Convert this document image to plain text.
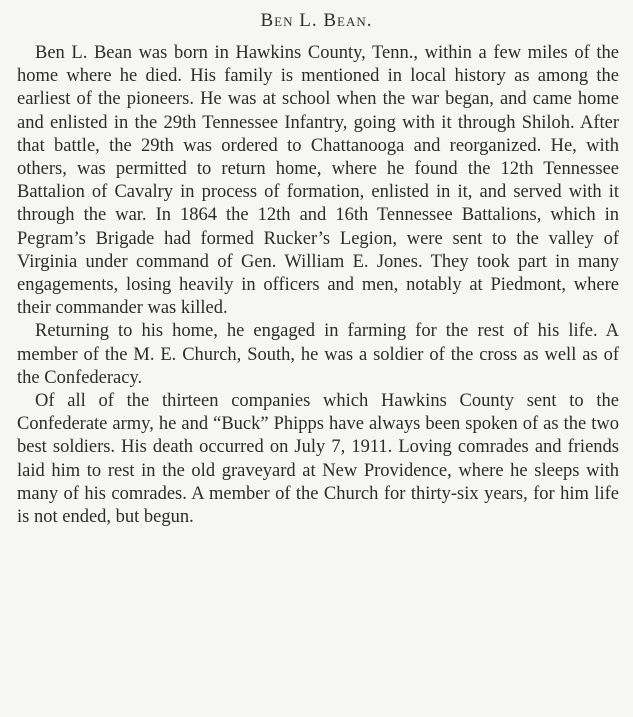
Ben L. Bean.

Ben L. Bean was born in Hawkins County, Tenn., within a few miles of the home where he died. His family is mentioned in local history as among the earliest of the pioneers. He was at school when the war began, and came home and enlisted in the 29th Tennessee Infantry, going with it through Shiloh. After that battle, the 29th was ordered to Chattanooga and reorganized. He, with others, was permitted to return home, where he found the 12th Tennessee Battalion of Cavalry in process of formation, enlisted in it, and served with it through the war. In 1864 the 12th and 16th Tennessee Battalions, which in Pegram’s Brigade had formed Rucker’s Legion, were sent to the valley of Virginia under command of Gen. William E. Jones. They took part in many engagements, losing heavily in officers and men, notably at Piedmont, where their commander was killed.

Returning to his home, he engaged in farming for the rest of his life. A member of the M. E. Church, South, he was a soldier of the cross as well as of the Confederacy.

Of all of the thirteen companies which Hawkins County sent to the Confederate army, he and “Buck” Phipps have always been spoken of as the two best soldiers. His death occurred on July 7, 1911. Loving comrades and friends laid him to rest in the old graveyard at New Providence, where he sleeps with many of his comrades. A member of the Church for thirty-six years, for him life is not ended, but begun.
